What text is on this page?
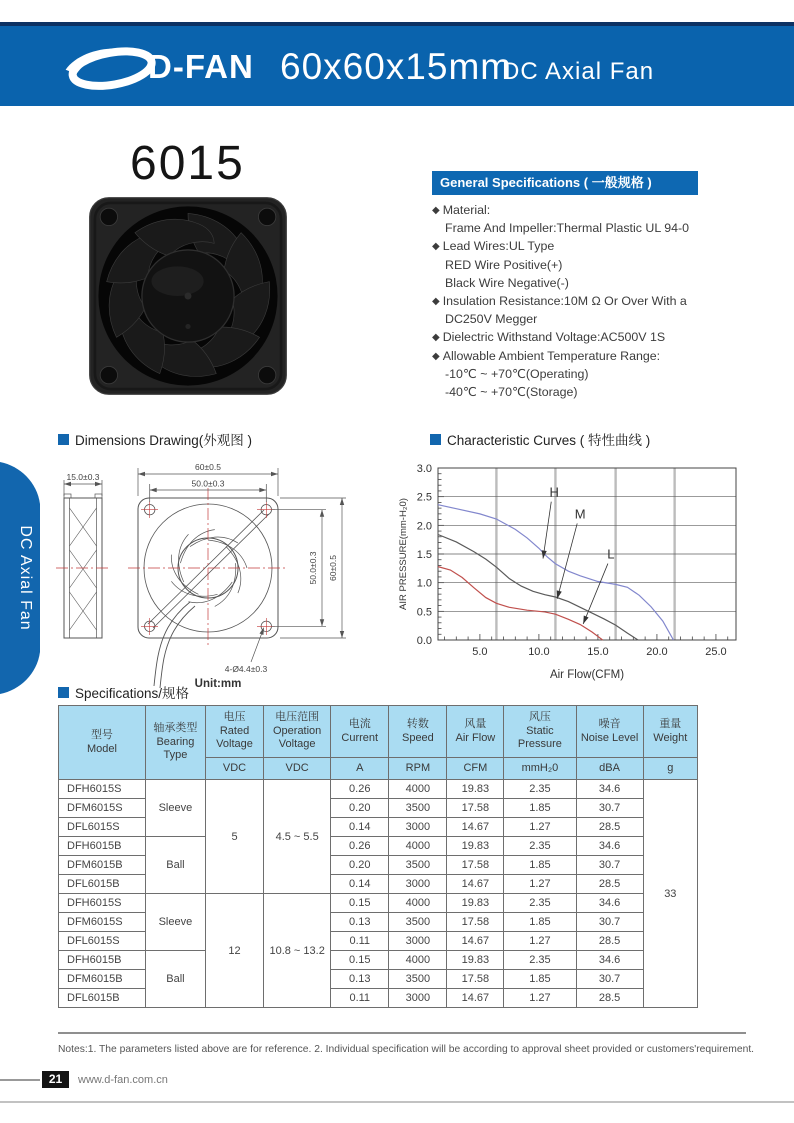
D-FAN 60x60x15mm
DC Axial Fan
DC Axial Fan
6015	General Specifications ( 一般规格 )
◆ Material:
Frame And Impeller:Thermal Plastic UL 94-0
◆ Lead Wires:UL Type
RED Wire Positive(+)
Black Wire Negative(-)
◆ Insulation Resistance:10M Ω Or Over With a
DC250V Megger
◆ Dielectric Withstand Voltage:AC500V 1S
◆ Allowable Ambient Temperature Range:
-10℃ ~ +70℃(Operating)
-40℃ ~ +70℃(Storage)
Dimensions Drawing(外观图 )	Characteristic Curves ( 特性曲线 )
Specifications/规格
15.0±0.3
60±0.5
50.0±0.3
50.0±0.3 60±0.5
4-Ø4.4±0.3
Unit:mm
5.0	10.0	15.0	20.0	25.0
0.0
0.5
1.0
1.5
2.0
2.5
3.0
H
M
L
Air Flow(CFM)
AIR PRESSURE(mm-H₂0)
型号
Model

轴承类型
Bearing Type

电压
Rated Voltage

电压范围
Operation Voltage

电流
Current

转数
Speed

风量
Air Flow

风压
Static Pressure

噪音
Noise Level

重量
Weight

		VDC	VDC	A	RPM	CFM	mmH₂0	dBA	g
DFH6015S	Sleeve	5	4.5 ~ 5.5	0.26	4000	19.83	2.35	34.6	33
DFM6015S				0.20	3500	17.58	1.85	30.7	
DFL6015S				0.14	3000	14.67	1.27	28.5	
DFH6015B	Ball			0.26	4000	19.83	2.35	34.6	
DFM6015B				0.20	3500	17.58	1.85	30.7	
DFL6015B				0.14	3000	14.67	1.27	28.5	
DFH6015S	Sleeve	12	10.8 ~ 13.2	0.15	4000	19.83	2.35	34.6	
DFM6015S				0.13	3500	17.58	1.85	30.7	
DFL6015S				0.11	3000	14.67	1.27	28.5	
DFH6015B	Ball			0.15	4000	19.83	2.35	34.6	
DFM6015B				0.13	3500	17.58	1.85	30.7	
DFL6015B				0.11	3000	14.67	1.27	28.5	
Notes:1. The parameters listed above are for reference. 2. Individual specification will be according to approval sheet provided or customers'requirement.
21	www.d-fan.com.cn
